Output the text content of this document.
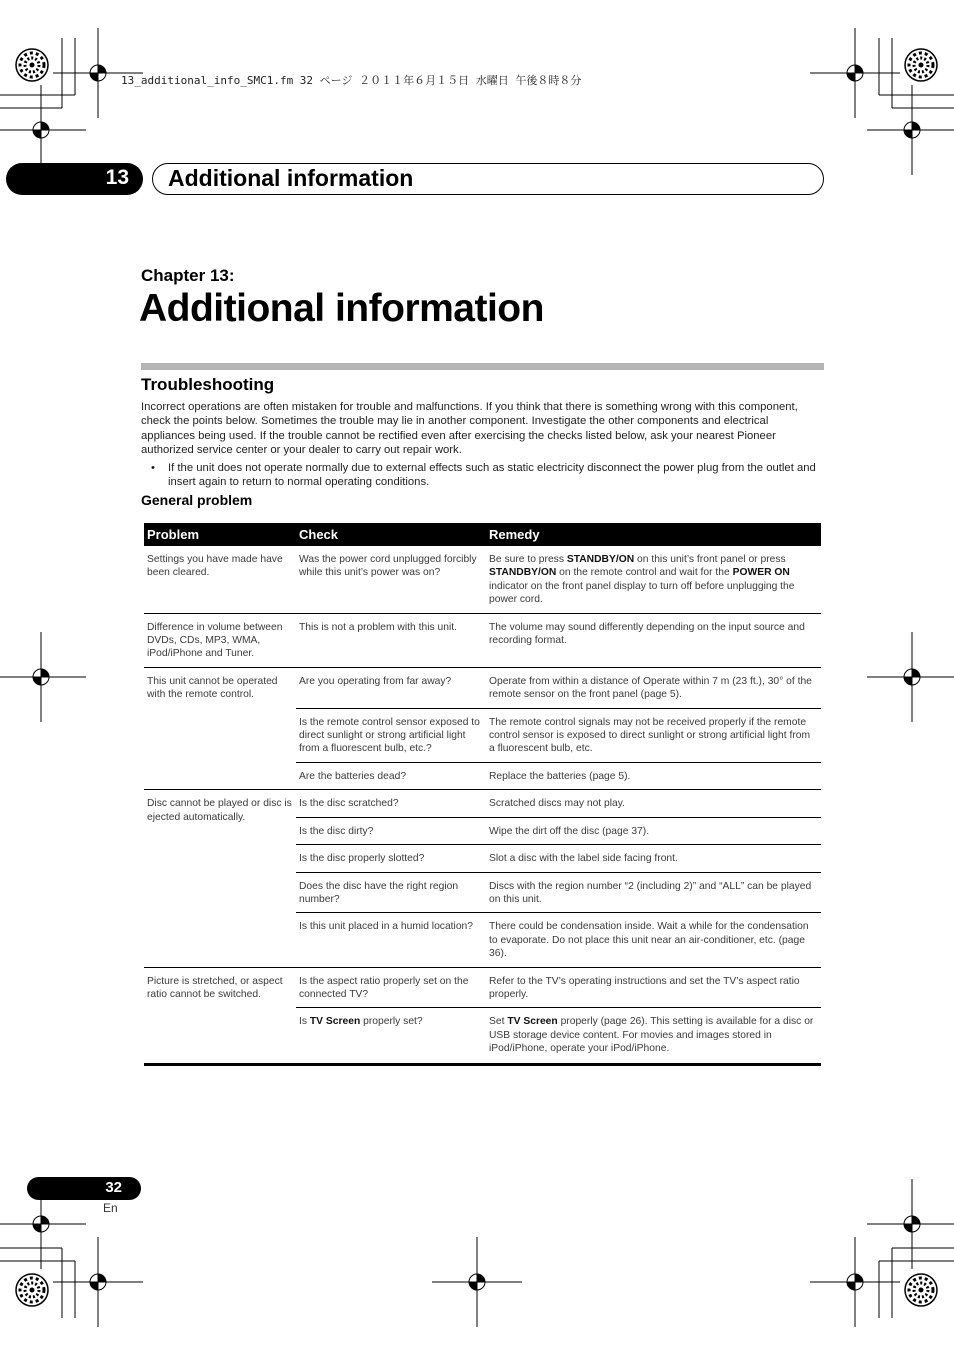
13_additional_info_SMC1.fm 32 ページ ２０１１年６月１５日 水曜日 午後８時８分
13 Additional information
Chapter 13:
Additional information
Troubleshooting
Incorrect operations are often mistaken for trouble and malfunctions. If you think that there is something wrong with this component, check the points below. Sometimes the trouble may lie in another component. Investigate the other components and electrical appliances being used. If the trouble cannot be rectified even after exercising the checks listed below, ask your nearest Pioneer authorized service center or your dealer to carry out repair work.
• If the unit does not operate normally due to external effects such as static electricity disconnect the power plug from the outlet and insert again to return to normal operating conditions.
General problem
Problem	Check	Remedy
Settings you have made have been cleared.	Was the power cord unplugged forcibly while this unit’s power was on?	Be sure to press STANDBY/ON on this unit’s front panel or press STANDBY/ON on the remote control and wait for the POWER ON indicator on the front panel display to turn off before unplugging the power cord.
Difference in volume between DVDs, CDs, MP3, WMA, iPod/iPhone and Tuner.	This is not a problem with this unit.	The volume may sound differently depending on the input source and recording format.
This unit cannot be operated with the remote control.	Are you operating from far away?	Operate from within a distance of Operate within 7 m (23 ft.), 30° of the remote sensor on the front panel (page 5).
	Is the remote control sensor exposed to direct sunlight or strong artificial light from a fluorescent bulb, etc.?	The remote control signals may not be received properly if the remote control sensor is exposed to direct sunlight or strong artificial light from a fluorescent bulb, etc.
	Are the batteries dead?	Replace the batteries (page 5).
Disc cannot be played or disc is ejected automatically.	Is the disc scratched?	Scratched discs may not play.
	Is the disc dirty?	Wipe the dirt off the disc (page 37).
	Is the disc properly slotted?	Slot a disc with the label side facing front.
	Does the disc have the right region number?	Discs with the region number “2 (including 2)” and “ALL” can be played on this unit.
	Is this unit placed in a humid location?	There could be condensation inside. Wait a while for the condensation to evaporate. Do not place this unit near an air-conditioner, etc. (page 36).
Picture is stretched, or aspect ratio cannot be switched.	Is the aspect ratio properly set on the connected TV?	Refer to the TV’s operating instructions and set the TV’s aspect ratio properly.
	Is TV Screen properly set?	Set TV Screen properly (page 26). This setting is available for a disc or USB storage device content. For movies and images stored in iPod/iPhone, operate your iPod/iPhone.
32
En
